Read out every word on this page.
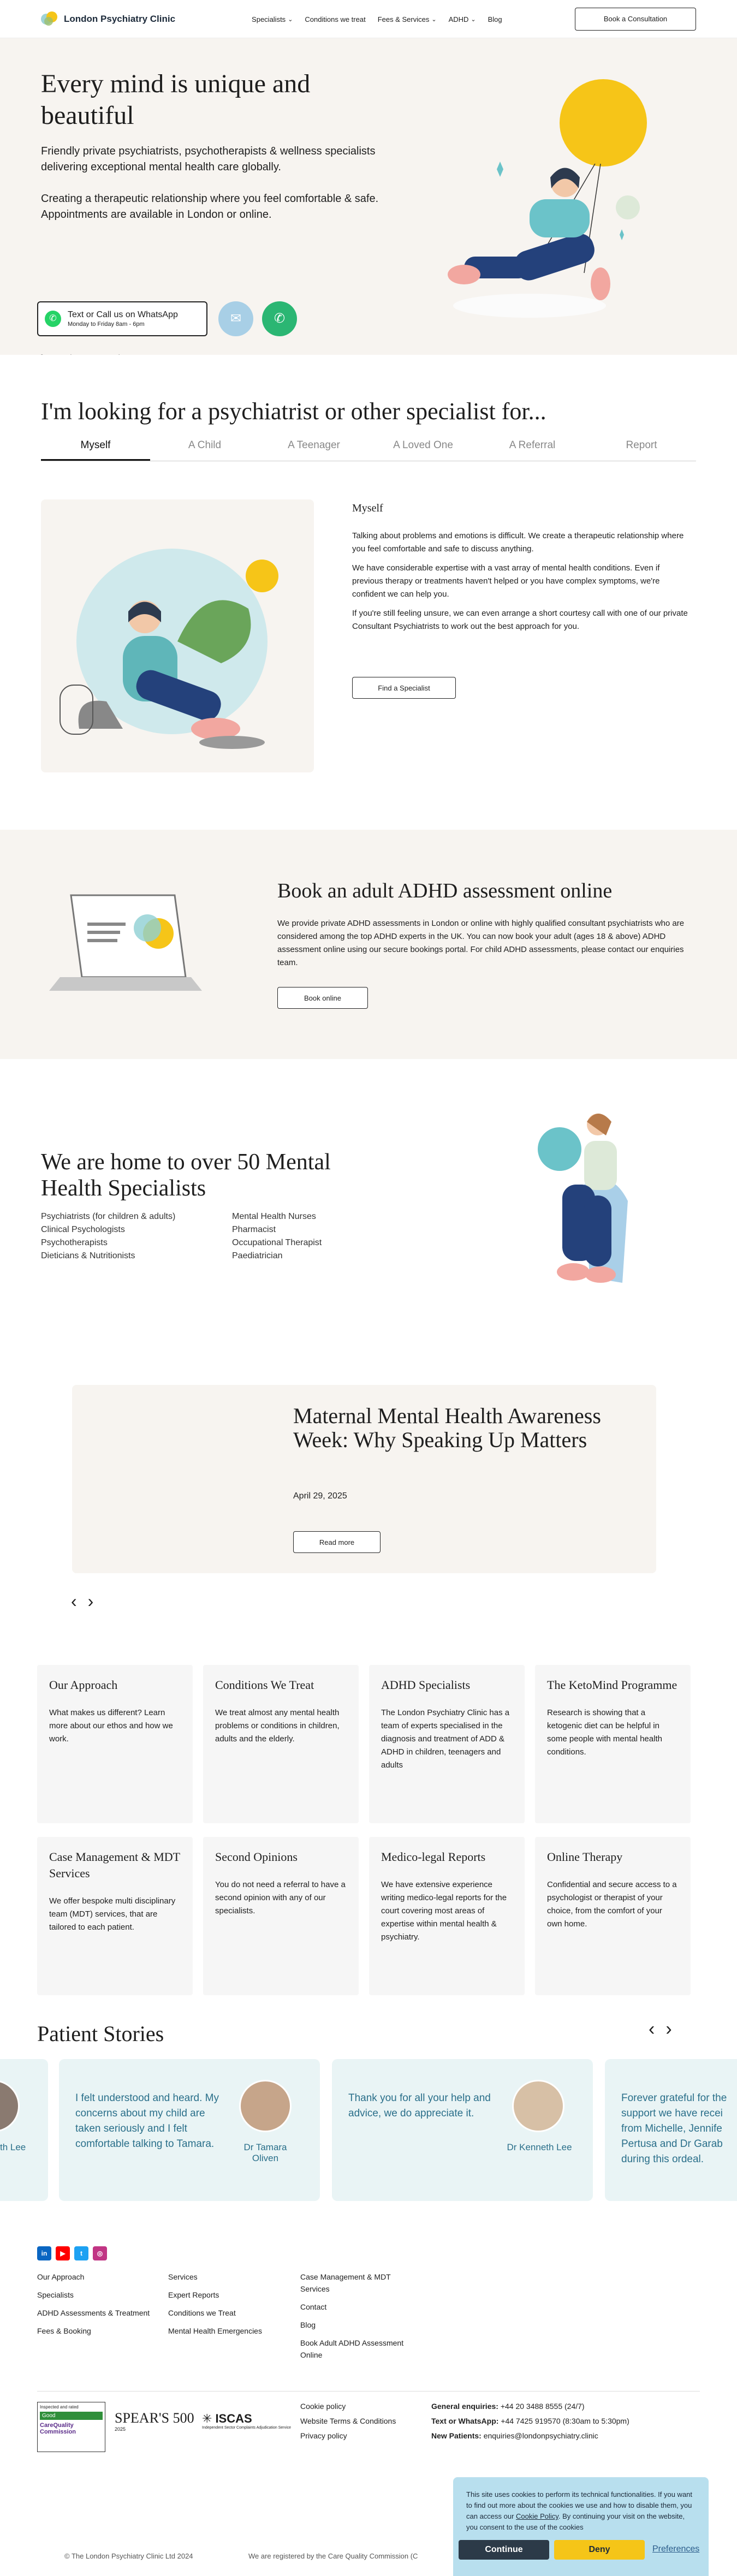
London Psychiatry Clinic	Specialists ⌄ Conditions we treat Fees & Services ⌄ ADHD ⌄ Blog	Book a Consultation
Every mind is unique and beautiful

Friendly private psychiatrists, psychotherapists & wellness specialists delivering exceptional mental health care globally.

Creating a therapeutic relationship where you feel comfortable & safe. Appointments are available in London or online.

✆	Text or Call us on WhatsApp
Monday to Friday 8am - 6pm	✉	✆
I'm looking for a psychiatrist or other specialist for...
Myself	A Child	A Teenager	A Loved One	A Referral	Report
Myself

Talking about problems and emotions is difficult. We create a therapeutic relationship where you feel comfortable and safe to discuss anything.

We have considerable expertise with a vast array of mental health conditions. Even if previous therapy or treatments haven't helped or you have complex symptoms, we're confident we can help you.

If you're still feeling unsure, we can even arrange a short courtesy call with one of our private Consultant Psychiatrists to work out the best approach for you.

Find a Specialist
Book an adult ADHD assessment online

We provide private ADHD assessments in London or online with highly qualified consultant psychiatrists who are considered among the top ADHD experts in the UK. You can now book your adult (ages 18 & above) ADHD assessment online using our secure bookings portal. For child ADHD assessments, please contact our enquiries team.

Book online
We are home to over 50 Mental Health Specialists
Psychiatrists (for children & adults)	Mental Health Nurses
Clinical Psychologists	Pharmacist
Psychotherapists	Occupational Therapist
Dieticians & Nutritionists	Paediatrician
Maternal Mental Health Awareness Week: Why Speaking Up Matters
April 29, 2025
Read more
‹ ›
Our Approach

What makes us different? Learn more about our ethos and how we work.

Conditions We Treat

We treat almost any mental health problems or conditions in children, adults and the elderly.

ADHD Specialists

The London Psychiatry Clinic has a team of experts specialised in the diagnosis and treatment of ADD & ADHD in children, teenagers and adults

The KetoMind Programme

Research is showing that a ketogenic diet can be helpful in some people with mental health conditions.

Case Management & MDT Services

We offer bespoke multi disciplinary team (MDT) services, that are tailored to each patient.

Second Opinions

You do not need a referral to have a second opinion with any of our specialists.

Medico-legal Reports

We have extensive experience writing medico-legal reports for the court covering most areas of expertise within mental health & psychiatry.

Online Therapy

Confidential and secure access to a psychologist or therapist of your choice, from the comfort of your own home.

Patient Stories	‹ ›
th Lee
I felt understood and heard. My concerns about my child are taken seriously and I felt comfortable talking to Tamara.	Dr Tamara Oliven
Thank you for all your help and advice, we do appreciate it.
Dr Kenneth Lee
Forever grateful for the support we have recei from Michelle, Jennife Pertusa and Dr Garab during this ordeal.
in	▶	t	◎
Our Approach
Specialists
ADHD Assessments & Treatment
Fees & Booking
Services
Expert Reports
Conditions we Treat
Mental Health Emergencies
Case Management & MDT Services
Contact
Blog
Book Adult ADHD Assessment Online
Inspected and rated
Good
CareQuality Commission
SPEAR'S 500
2025
✳ ISCAS
Independent Sector Complaints Adjudication Service
Cookie policy
Website Terms & Conditions
Privacy policy
General enquiries: +44 20 3488 8555 (24/7)
Text or WhatsApp: +44 7425 919570 (8:30am to 5:30pm)
New Patients: enquiries@londonpsychiatry.clinic
© The London Psychiatry Clinic Ltd 2024	We are registered by the Care Quality Commission (C

This site uses cookies to perform its technical functionalities. If you want to find out more about the cookies we use and how to disable them, you can access our Cookie Policy. By continuing your visit on the website, you consent to the use of the cookies

Continue	Deny	Preferences
